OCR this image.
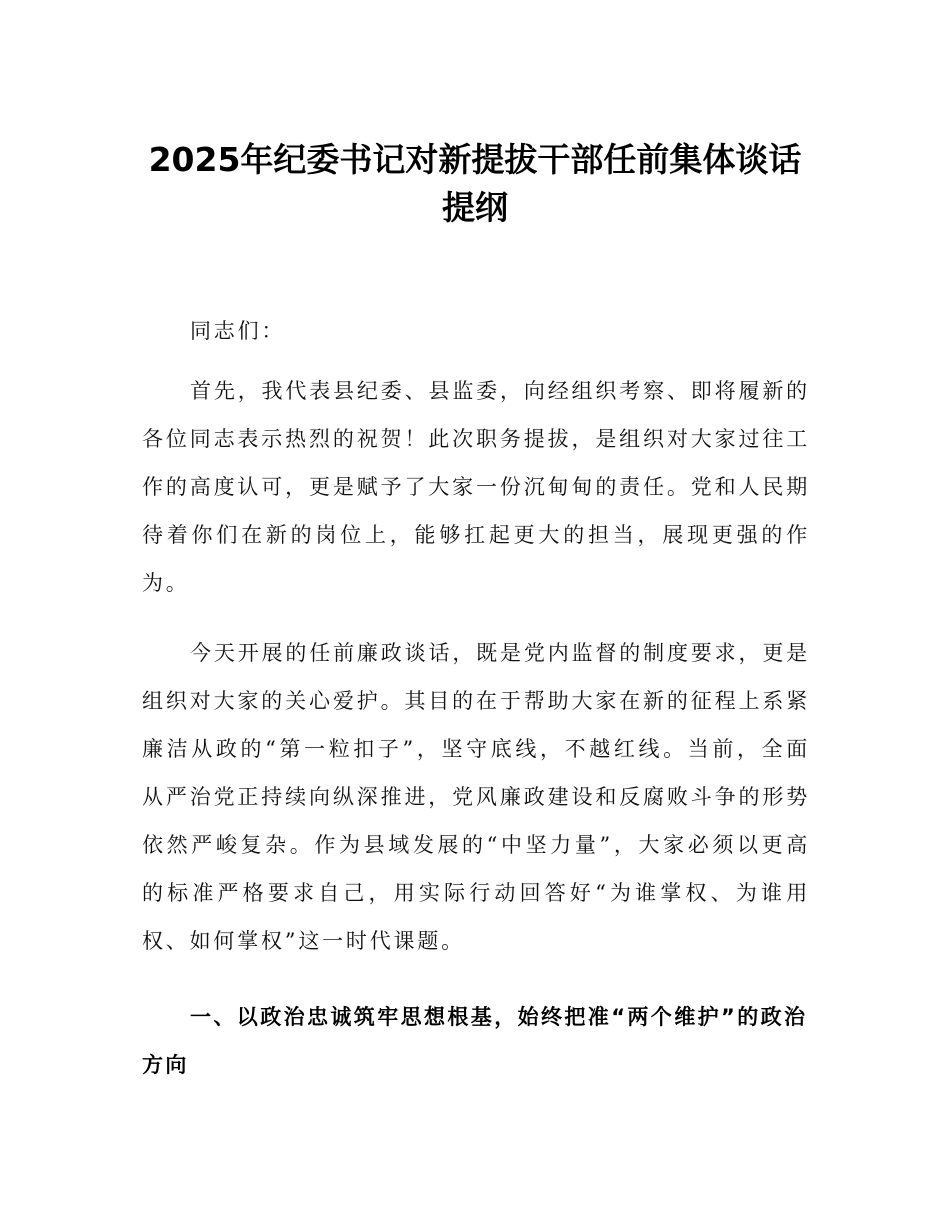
2025年纪委书记对新提拔干部任前集体谈话
提纲

同志们：

首先，我代表县纪委、县监委，向经组织考察、即将履新的各位同志表示热烈的祝贺！此次职务提拔，是组织对大家过往工作的高度认可，更是赋予了大家一份沉甸甸的责任。党和人民期待着你们在新的岗位上，能够扛起更大的担当，展现更强的作为。

今天开展的任前廉政谈话，既是党内监督的制度要求，更是组织对大家的关心爱护。其目的在于帮助大家在新的征程上系紧廉洁从政的“第一粒扣子”，坚守底线，不越红线。当前，全面从严治党正持续向纵深推进，党风廉政建设和反腐败斗争的形势依然严峻复杂。作为县域发展的“中坚力量”，大家必须以更高的标准严格要求自己，用实际行动回答好“为谁掌权、为谁用权、如何掌权”这一时代课题。

一、以政治忠诚筑牢思想根基，始终把准“两个维护”的政治方向
